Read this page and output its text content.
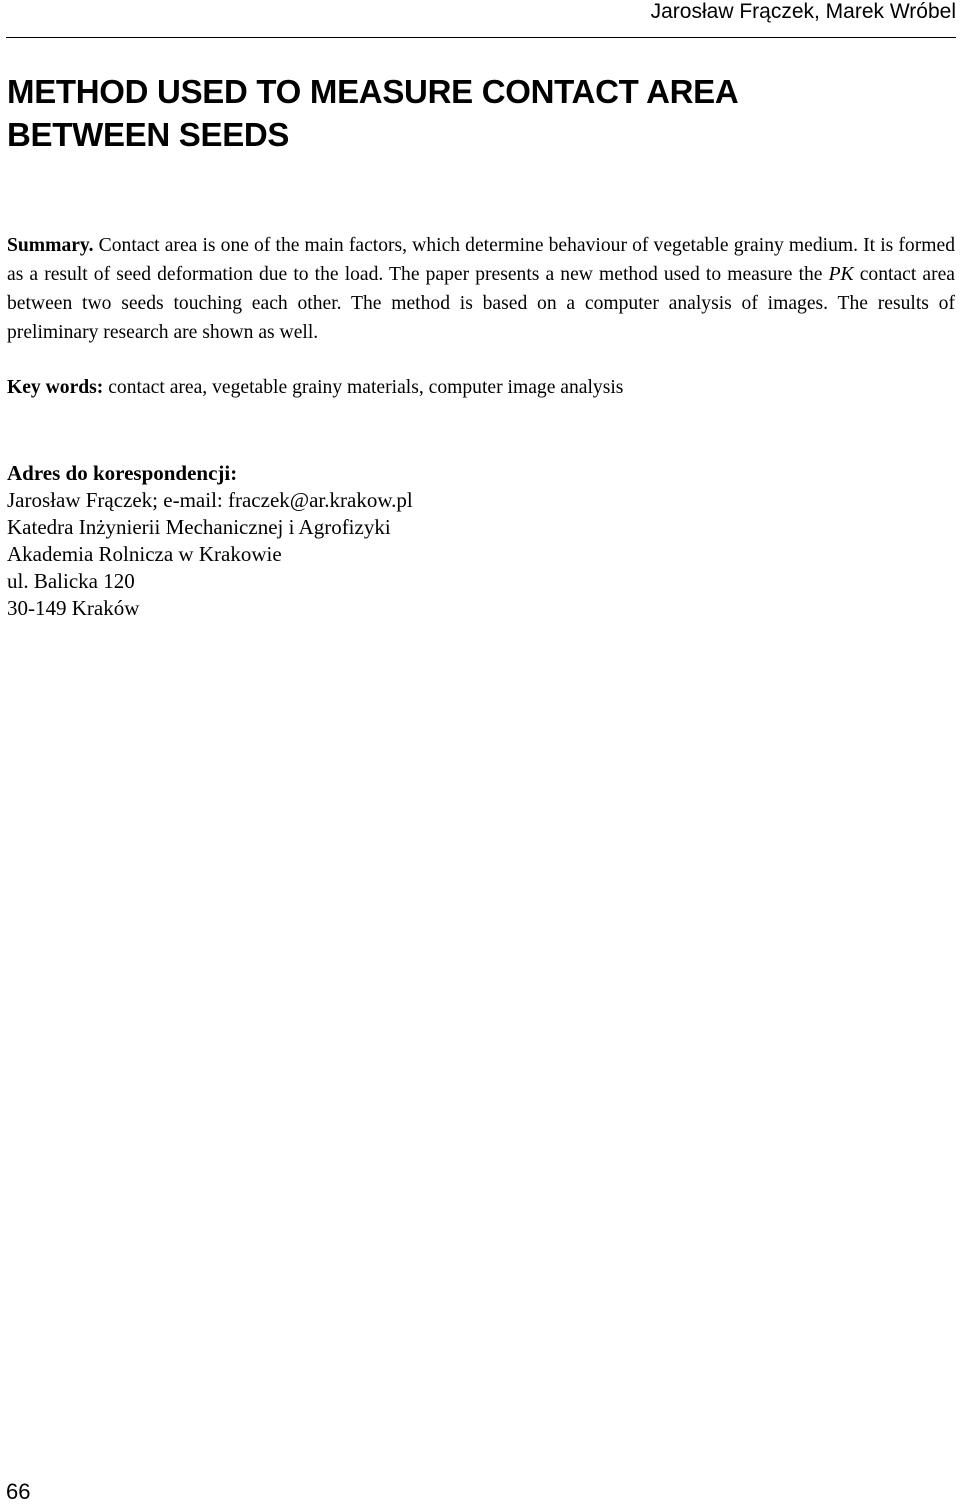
Jarosław Frączek, Marek Wróbel
METHOD USED TO MEASURE CONTACT AREA
BETWEEN SEEDS

Summary. Contact area is one of the main factors, which determine behaviour of vegetable grainy medium. It is formed as a result of seed deformation due to the load. The paper presents a new method used to measure the PK contact area between two seeds touching each other. The method is based on a computer analysis of images. The results of preliminary research are shown as well.

Key words: contact area, vegetable grainy materials, computer image analysis

Adres do korespondencji:
Jarosław Frączek; e-mail: fraczek@ar.krakow.pl
Katedra Inżynierii Mechanicznej i Agrofizyki
Akademia Rolnicza w Krakowie
ul. Balicka 120
30-149 Kraków
66
